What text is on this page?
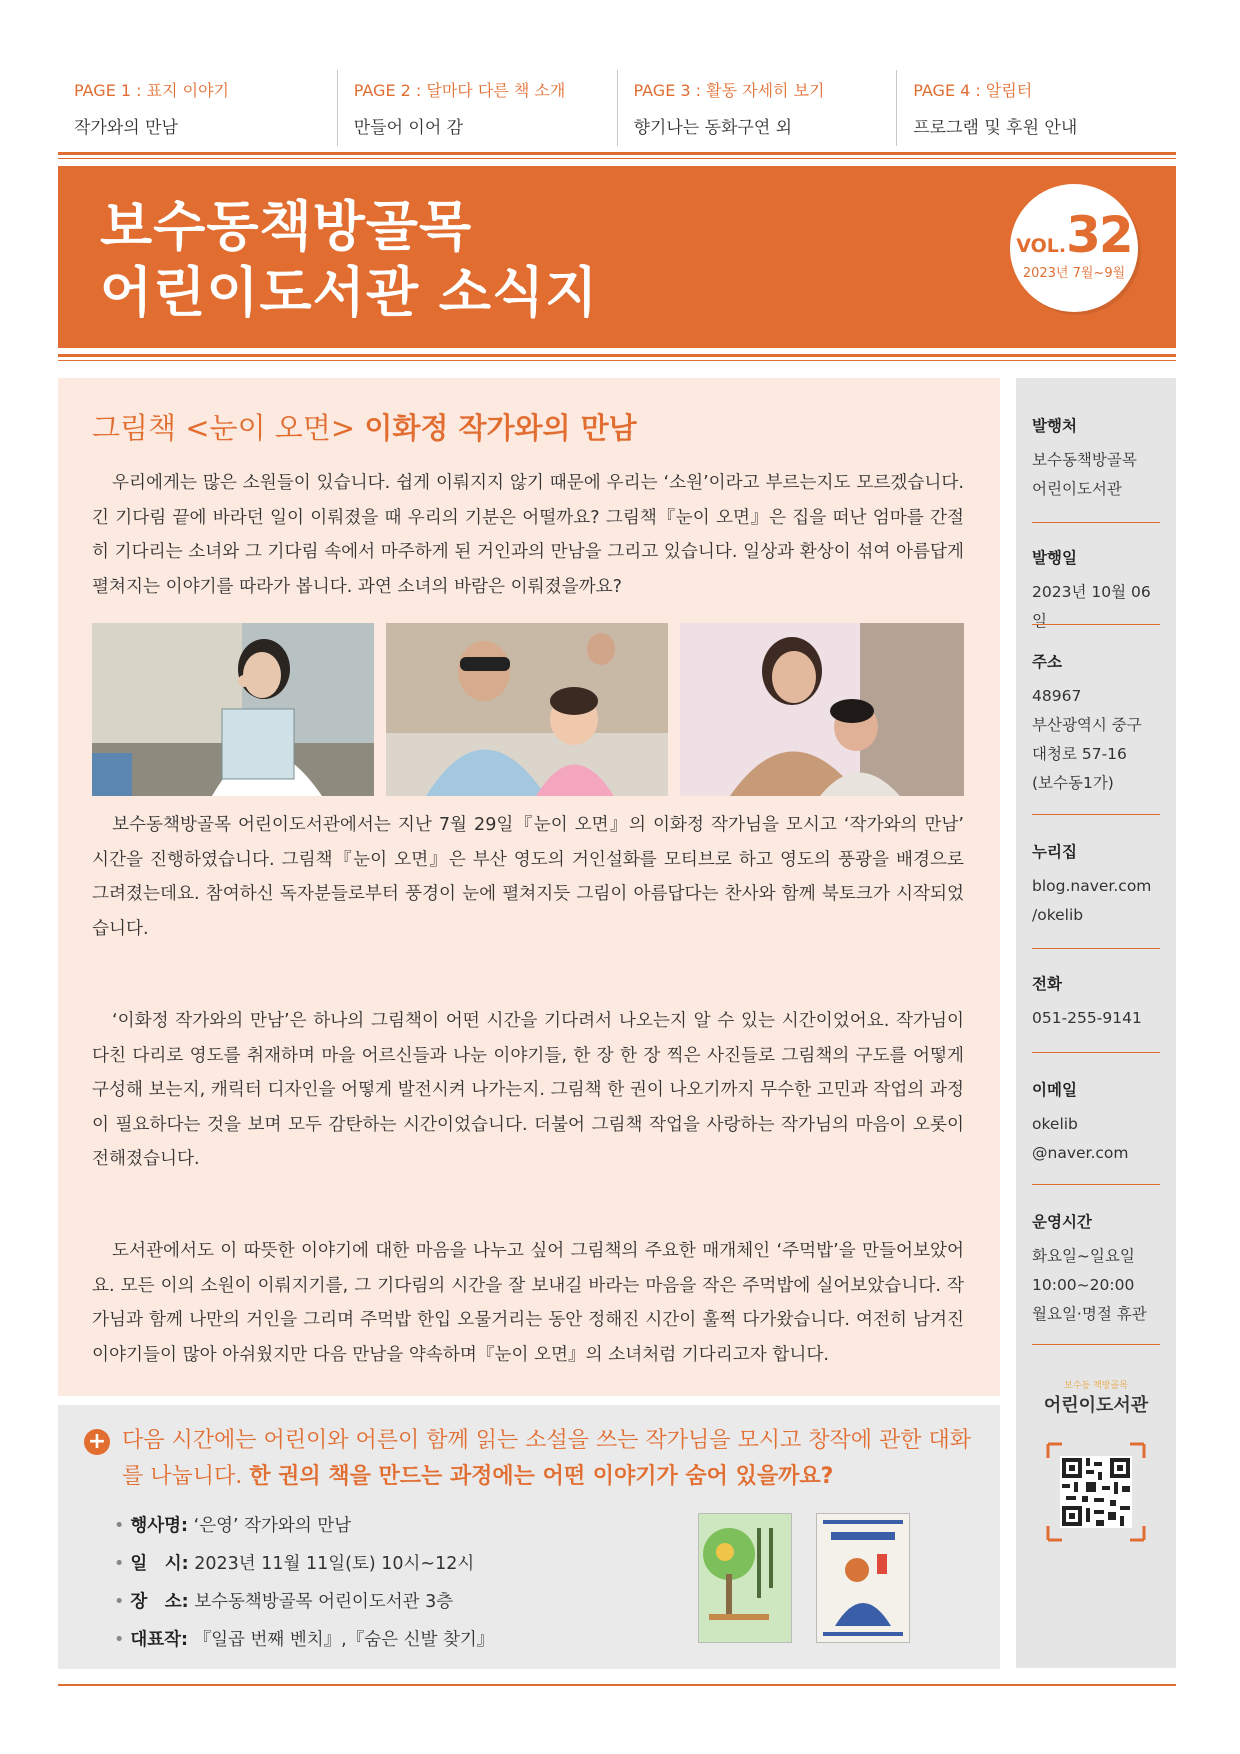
PAGE 1 : 표지 이야기
작가와의 만남
PAGE 2 : 달마다 다른 책 소개
만들어 이어 감
PAGE 3 : 활동 자세히 보기
향기나는 동화구연 외
PAGE 4 : 알림터
프로그램 및 후원 안내
보수동책방골목
어린이도서관 소식지
VOL.32
2023년 7월~9월
그림책 <눈이 오면> 이화정 작가와의 만남
우리에게는 많은 소원들이 있습니다. 쉽게 이뤄지지 않기 때문에 우리는 ‘소원’이라고 부르는지도 모르겠습니다. 긴 기다림 끝에 바라던 일이 이뤄졌을 때 우리의 기분은 어떨까요? 그림책『눈이 오면』은 집을 떠난 엄마를 간절히 기다리는 소녀와 그 기다림 속에서 마주하게 된 거인과의 만남을 그리고 있습니다. 일상과 환상이 섞여 아름답게 펼쳐지는 이야기를 따라가 봅니다. 과연 소녀의 바람은 이뤄졌을까요?
보수동책방골목 어린이도서관에서는 지난 7월 29일『눈이 오면』의 이화정 작가님을 모시고 ‘작가와의 만남’ 시간을 진행하였습니다. 그림책『눈이 오면』은 부산 영도의 거인설화를 모티브로 하고 영도의 풍광을 배경으로 그려졌는데요. 참여하신 독자분들로부터 풍경이 눈에 펼쳐지듯 그림이 아름답다는 찬사와 함께 북토크가 시작되었습니다.
‘이화정 작가와의 만남’은 하나의 그림책이 어떤 시간을 기다려서 나오는지 알 수 있는 시간이었어요. 작가님이 다친 다리로 영도를 취재하며 마을 어르신들과 나눈 이야기들, 한 장 한 장 찍은 사진들로 그림책의 구도를 어떻게 구성해 보는지, 캐릭터 디자인을 어떻게 발전시켜 나가는지. 그림책 한 권이 나오기까지 무수한 고민과 작업의 과정이 필요하다는 것을 보며 모두 감탄하는 시간이었습니다. 더불어 그림책 작업을 사랑하는 작가님의 마음이 오롯이 전해졌습니다.
도서관에서도 이 따뜻한 이야기에 대한 마음을 나누고 싶어 그림책의 주요한 매개체인 ‘주먹밥’을 만들어보았어요. 모든 이의 소원이 이뤄지기를, 그 기다림의 시간을 잘 보내길 바라는 마음을 작은 주먹밥에 실어보았습니다. 작가님과 함께 나만의 거인을 그리며 주먹밥 한입 오물거리는 동안 정해진 시간이 훌쩍 다가왔습니다. 여전히 남겨진 이야기들이 많아 아쉬웠지만 다음 만남을 약속하며『눈이 오면』의 소녀처럼 기다리고자 합니다.
발행처
보수동책방골목
어린이도서관
발행일
2023년 10월 06일
주소
48967
부산광역시 중구
대청로 57-16
(보수동1가)
누리집
blog.naver.com
/okelib
전화
051-255-9141
이메일
okelib
@naver.com
운영시간
화요일~일요일
10:00~20:00
월요일·명절 휴관
보수동 책방골목
어린이도서관
+ 다음 시간에는 어린이와 어른이 함께 읽는 소설을 쓰는 작가님을 모시고 창작에 관한 대화를 나눕니다. 한 권의 책을 만드는 과정에는 어떤 이야기가 숨어 있을까요?
• 행사명: ‘은영’ 작가와의 만남
• 일　시: 2023년 11월 11일(토) 10시~12시
• 장　소: 보수동책방골목 어린이도서관 3층
• 대표작: 『일곱 번째 벤치』,『숨은 신발 찾기』
